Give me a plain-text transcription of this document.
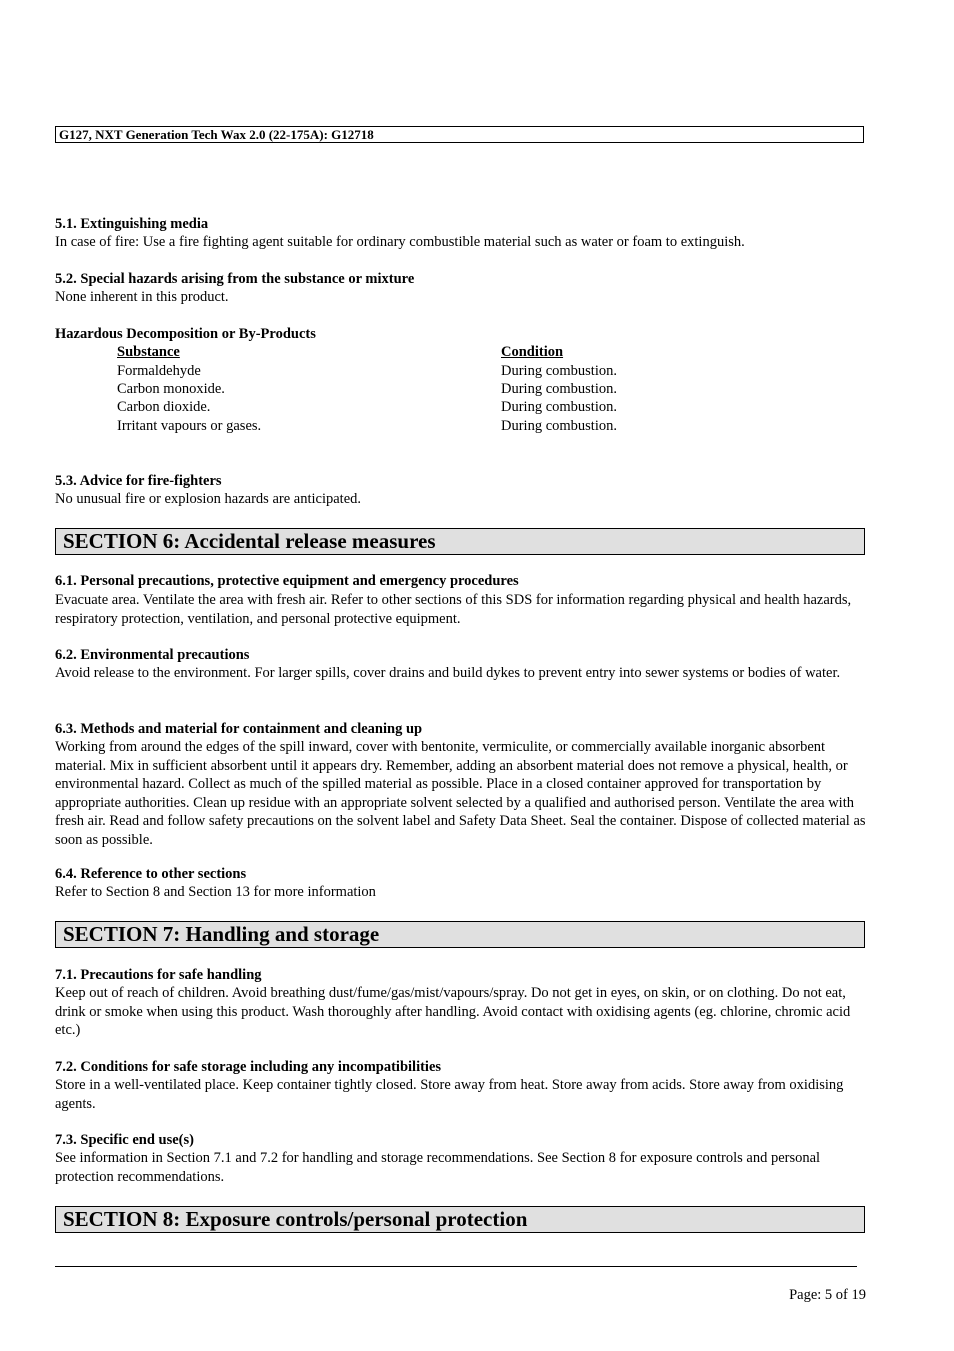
G127, NXT Generation Tech Wax 2.0 (22-175A): G12718
5.1. Extinguishing media
In case of fire: Use a fire fighting agent suitable for ordinary combustible material such as water or foam to extinguish.
5.2. Special hazards arising from the substance or mixture
None inherent in this product.
Hazardous Decomposition or By-Products
Substance	Condition
Formaldehyde	During combustion.
Carbon monoxide.	During combustion.
Carbon dioxide.	During combustion.
Irritant vapours or gases.	During combustion.
5.3. Advice for fire-fighters
No unusual fire or explosion hazards are anticipated.
SECTION 6: Accidental release measures
6.1. Personal precautions, protective equipment and emergency procedures
Evacuate area. Ventilate the area with fresh air. Refer to other sections of this SDS for information regarding physical and health hazards, respiratory protection, ventilation, and personal protective equipment.
6.2. Environmental precautions
Avoid release to the environment. For larger spills, cover drains and build dykes to prevent entry into sewer systems or bodies of water.
6.3. Methods and material for containment and cleaning up
Working from around the edges of the spill inward, cover with bentonite, vermiculite, or commercially available inorganic absorbent material. Mix in sufficient absorbent until it appears dry. Remember, adding an absorbent material does not remove a physical, health, or environmental hazard. Collect as much of the spilled material as possible. Place in a closed container approved for transportation by appropriate authorities. Clean up residue with an appropriate solvent selected by a qualified and authorised person. Ventilate the area with fresh air. Read and follow safety precautions on the solvent label and Safety Data Sheet. Seal the container. Dispose of collected material as soon as possible.
6.4. Reference to other sections
Refer to Section 8 and Section 13 for more information
SECTION 7: Handling and storage
7.1. Precautions for safe handling
Keep out of reach of children. Avoid breathing dust/fume/gas/mist/vapours/spray. Do not get in eyes, on skin, or on clothing. Do not eat, drink or smoke when using this product. Wash thoroughly after handling. Avoid contact with oxidising agents (eg. chlorine, chromic acid etc.)
7.2. Conditions for safe storage including any incompatibilities
Store in a well-ventilated place. Keep container tightly closed. Store away from heat. Store away from acids. Store away from oxidising agents.
7.3. Specific end use(s)
See information in Section 7.1 and 7.2 for handling and storage recommendations. See Section 8 for exposure controls and personal protection recommendations.
SECTION 8: Exposure controls/personal protection
Page: 5 of 19
